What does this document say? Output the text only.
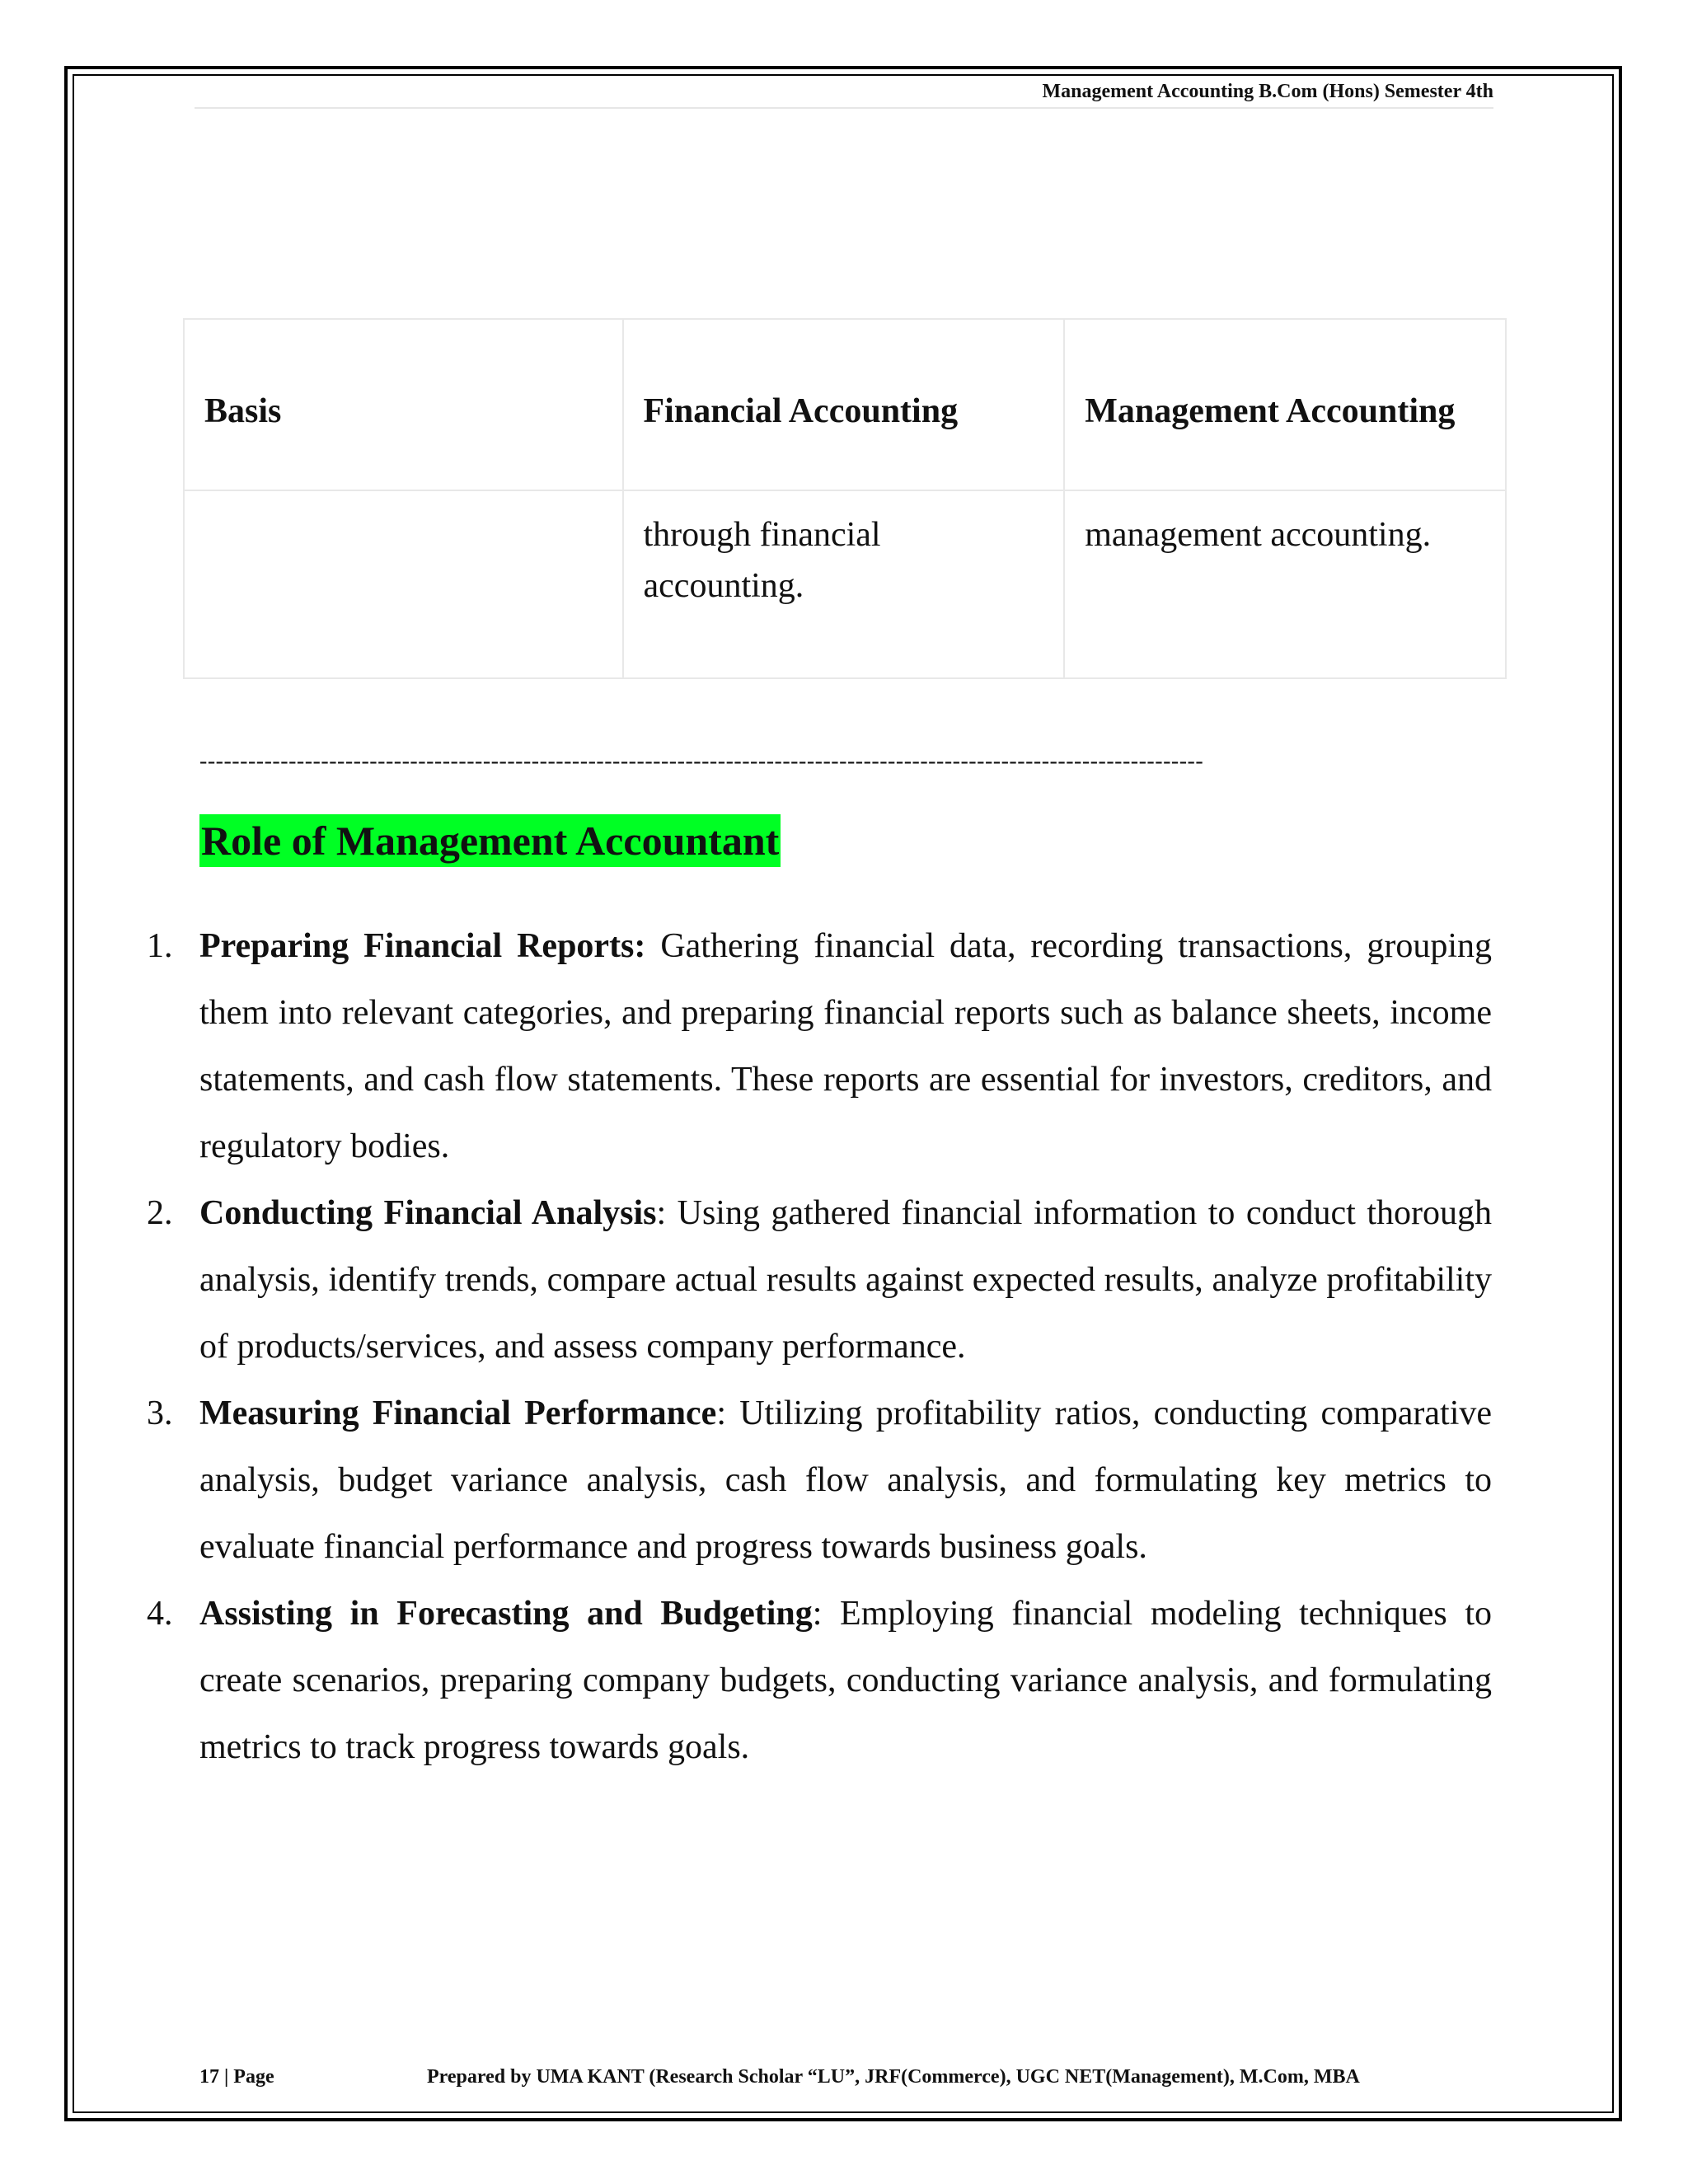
Management Accounting B.Com (Hons) Semester 4th
Basis	Financial Accounting	Management Accounting
	through financial accounting.	management accounting.
----------------------------------------------------------------------------------------------------------------------------
Role of Management Accountant
1. Preparing Financial Reports: Gathering financial data, recording transactions, grouping them into relevant categories, and preparing financial reports such as balance sheets, income statements, and cash flow statements. These reports are essential for investors, creditors, and regulatory bodies.
2. Conducting Financial Analysis: Using gathered financial information to conduct thorough analysis, identify trends, compare actual results against expected results, analyze profitability of products/services, and assess company performance.
3. Measuring Financial Performance: Utilizing profitability ratios, conducting comparative analysis, budget variance analysis, cash flow analysis, and formulating key metrics to evaluate financial performance and progress towards business goals.
4. Assisting in Forecasting and Budgeting: Employing financial modeling techniques to create scenarios, preparing company budgets, conducting variance analysis, and formulating metrics to track progress towards goals.
17 | Page	Prepared by UMA KANT (Research Scholar “LU”, JRF(Commerce), UGC NET(Management), M.Com, MBA
